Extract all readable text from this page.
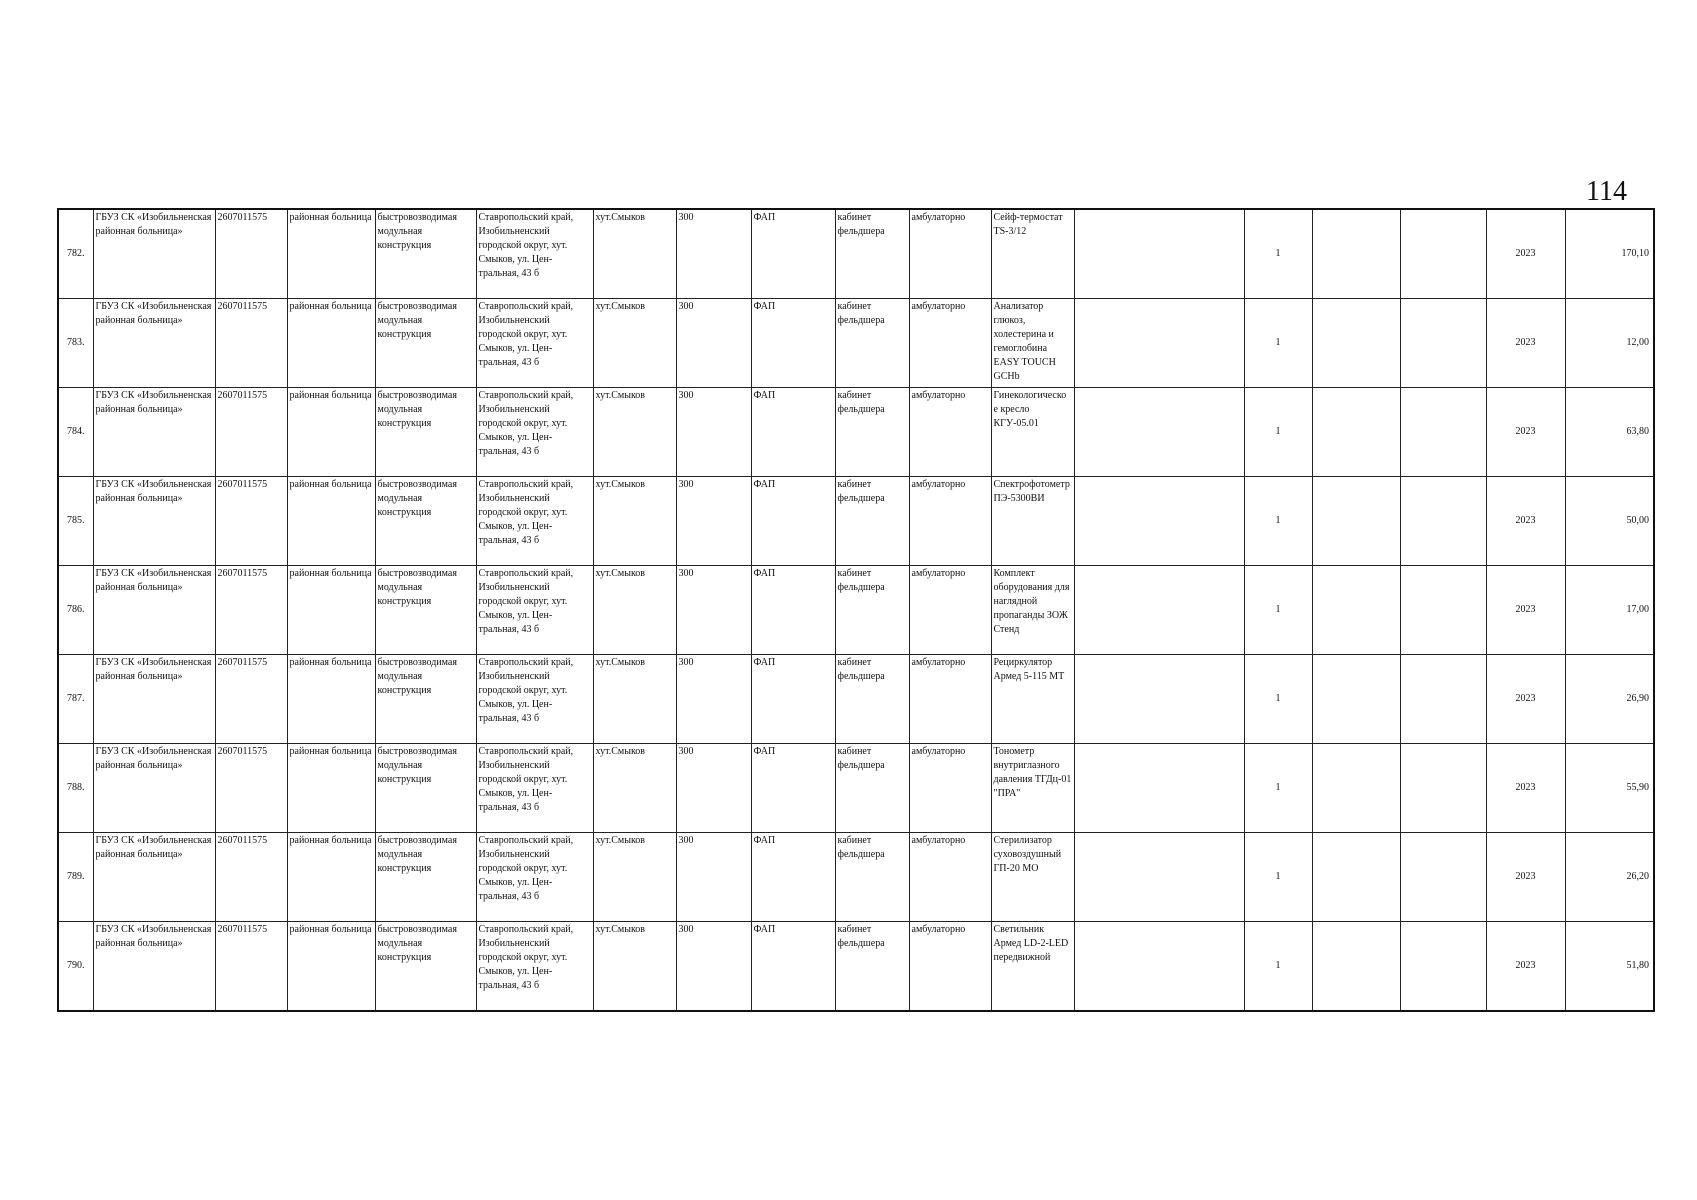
114
782.	ГБУЗ СК «Изобильненская районная больница»	2607011575	районная больница	быстровозводимая модульная конструкция	Ставропольский край, Изобильненский городской округ, хут. Смыков, ул. Цен- тральная, 43 б	хут.Смыков	300	ФАП	кабинет фельдшера	амбулаторно	Сейф-термостат TS-3/12		1			2023	170,10
783.	ГБУЗ СК «Изобильненская районная больница»	2607011575	районная больница	быстровозводимая модульная конструкция	Ставропольский край, Изобильненский городской округ, хут. Смыков, ул. Цен- тральная, 43 б	хут.Смыков	300	ФАП	кабинет фельдшера	амбулаторно	Анализатор глюкоз, холестерина и гемоглобина EASY TOUCH GCHb		1			2023	12,00
784.	ГБУЗ СК «Изобильненская районная больница»	2607011575	районная больница	быстровозводимая модульная конструкция	Ставропольский край, Изобильненский городской округ, хут. Смыков, ул. Цен- тральная, 43 б	хут.Смыков	300	ФАП	кабинет фельдшера	амбулаторно	Гинекологическо е кресло КГУ-05.01		1			2023	63,80
785.	ГБУЗ СК «Изобильненская районная больница»	2607011575	районная больница	быстровозводимая модульная конструкция	Ставропольский край, Изобильненский городской округ, хут. Смыков, ул. Цен- тральная, 43 б	хут.Смыков	300	ФАП	кабинет фельдшера	амбулаторно	Спектрофотометр ПЭ-5300ВИ		1			2023	50,00
786.	ГБУЗ СК «Изобильненская районная больница»	2607011575	районная больница	быстровозводимая модульная конструкция	Ставропольский край, Изобильненский городской округ, хут. Смыков, ул. Цен- тральная, 43 б	хут.Смыков	300	ФАП	кабинет фельдшера	амбулаторно	Комплект оборудования для наглядной пропаганды ЗОЖ Стенд		1			2023	17,00
787.	ГБУЗ СК «Изобильненская районная больница»	2607011575	районная больница	быстровозводимая модульная конструкция	Ставропольский край, Изобильненский городской округ, хут. Смыков, ул. Цен- тральная, 43 б	хут.Смыков	300	ФАП	кабинет фельдшера	амбулаторно	Рециркулятор Армед 5-115 МТ		1			2023	26,90
788.	ГБУЗ СК «Изобильненская районная больница»	2607011575	районная больница	быстровозводимая модульная конструкция	Ставропольский край, Изобильненский городской округ, хут. Смыков, ул. Цен- тральная, 43 б	хут.Смыков	300	ФАП	кабинет фельдшера	амбулаторно	Тонометр внутриглазного давления ТГДц-01 "ПРА"		1			2023	55,90
789.	ГБУЗ СК «Изобильненская районная больница»	2607011575	районная больница	быстровозводимая модульная конструкция	Ставропольский край, Изобильненский городской округ, хут. Смыков, ул. Цен- тральная, 43 б	хут.Смыков	300	ФАП	кабинет фельдшера	амбулаторно	Стерилизатор суховоздушный ГП-20 МО		1			2023	26,20
790.	ГБУЗ СК «Изобильненская районная больница»	2607011575	районная больница	быстровозводимая модульная конструкция	Ставропольский край, Изобильненский городской округ, хут. Смыков, ул. Цен- тральная, 43 б	хут.Смыков	300	ФАП	кабинет фельдшера	амбулаторно	Светильник Армед LD-2-LED передвижной		1			2023	51,80
